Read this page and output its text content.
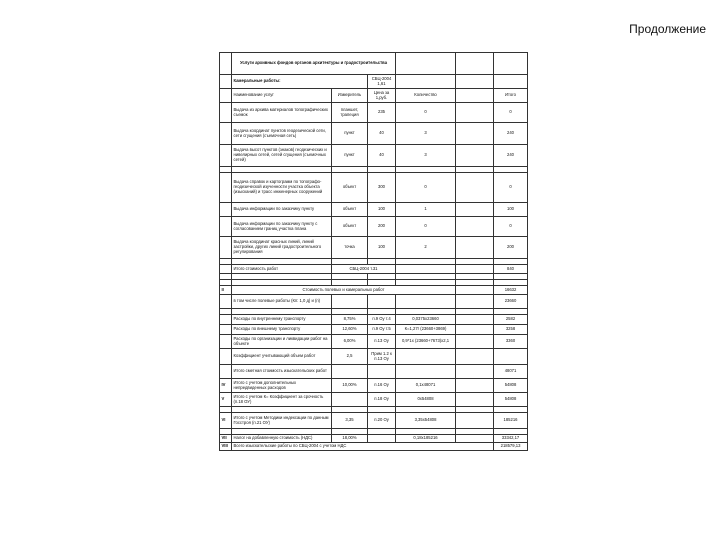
Продолжение
	Услуги архивных фондов органов архитектуры и градостроительства					
	Камеральные работы:		СБЦ-2004 1,61			
	Наименование услуг	Измеритель	Цена за 1,руб.	Количество		Итого
	Выдача из архива материалов топографических съемок	планшет, трапеция	235	0		0
	Выдача координат пунктов геодезической сети, сети сгущения (съемочная сеть)	пункт	40	3		240
	Выдача высот пунктов (знаков) геодезических и нивелирных сетей, сетей сгущения (съемочных сетей)	пункт	40	3		240

	Выдача справок и картограмм по топографо-геодезической изученности участка объекта (изысканий) и трасс инженерных сооружений	объект	300	0		0
	Выдача информации по заказчику пункту	объект	100	1		100
	Выдача информации по заказчику пункту с согласованием границ участка плана	объект	200	0		0
	Выдача координат красных линий, линий застройки, других линий градостроительного регулирования	точка	100	2		200

	Итого стоимость работ	СБЦ-2004 т.31				840

II	Стоимость полевых и камеральных работ					16632
	в том числе полевые работы (Кп: 1,0 д) и (п)					23660

	Расходы по внутреннему транспорту	8,75%	п.9 Оу т.4	0,0375x23660		2582
	Расходы по внешнему транспорту	12,60%	п.9 Оу т.5	К=1,27r (23660+3869)		3258
	Расходы по организации и ликвидации работ на объекте	6,00%	п.13 Оу	0,9*1x (23660+7673)x2,1		3360
	Коэффициент учитывающий объем работ	2,5	Прим 1.2 к п.13 Оу			
	Итого сметная стоимость изыскательских работ					48071
IV	Итого с учетом дополнительных непредвиденных расходов	10,00%	п.16 Оу	0,1x48071		54808
V	Итого с учетом К= Коэффициент за срочность (п.18 ОУ)		п.18 Оу	0x54808		54808

VI	Итого с учетом Методики индексации по данным Госстроя (п.21 ОУ)	3,35	п.20 Оу	3,35x54808		185216

VII	Налог на добавленную стоимость (НДС)	18,00%		0,18x185216		33342,17
VIII	Всего изыскательские работы по СБЦ-2004 с учетом НДС					218579,13
